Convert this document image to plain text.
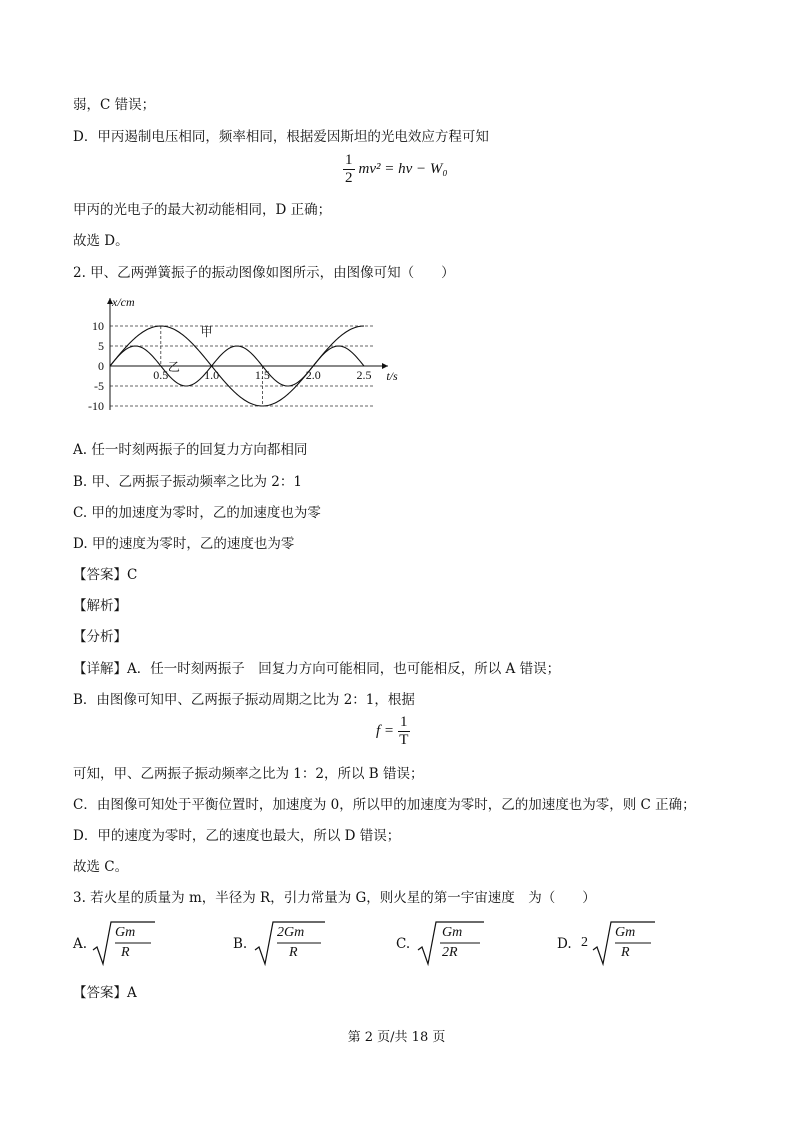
弱，C 错误；
D．甲丙遏制电压相同，频率相同，根据爱因斯坦的光电效应方程可知
$\frac{1}{2} mv^2 = h\nu - W_0$
甲丙的光电子的最大初动能相同，D 正确；
故选 D。
2. 甲、乙两弹簧振子的振动图像如图所示，由图像可知（　　）
10
5
0
-5
-10
0.5	1.0	1.5	2.0	2.5 t/s
x/cm
甲
乙
A. 任一时刻两振子的回复力方向都相同
B. 甲、乙两振子振动频率之比为 2：1
C. 甲的加速度为零时，乙的加速度也为零
D. 甲的速度为零时，乙的速度也为零
【答案】C
【解析】
【分析】
【详解】A．任一时刻两振子　回复力方向可能相同，也可能相反，所以 A 错误；
B．由图像可知甲、乙两振子振动周期之比为 2：1，根据
$f = \frac{1}{T}$
可知，甲、乙两振子振动频率之比为 1：2，所以 B 错误；
C．由图像可知处于平衡位置时，加速度为 0，所以甲的加速度为零时，乙的加速度也为零，则 C 正确；
D．甲的速度为零时，乙的速度也最大，所以 D 错误；
故选 C。
3. 若火星的质量为 m，半径为 R，引力常量为 G，则火星的第一宇宙速度　为（　　）
A.
Gm
R
B.
2Gm
R
C.
Gm
2R
D. 2
Gm
R
【答案】A
第 2 页/共 18 页
